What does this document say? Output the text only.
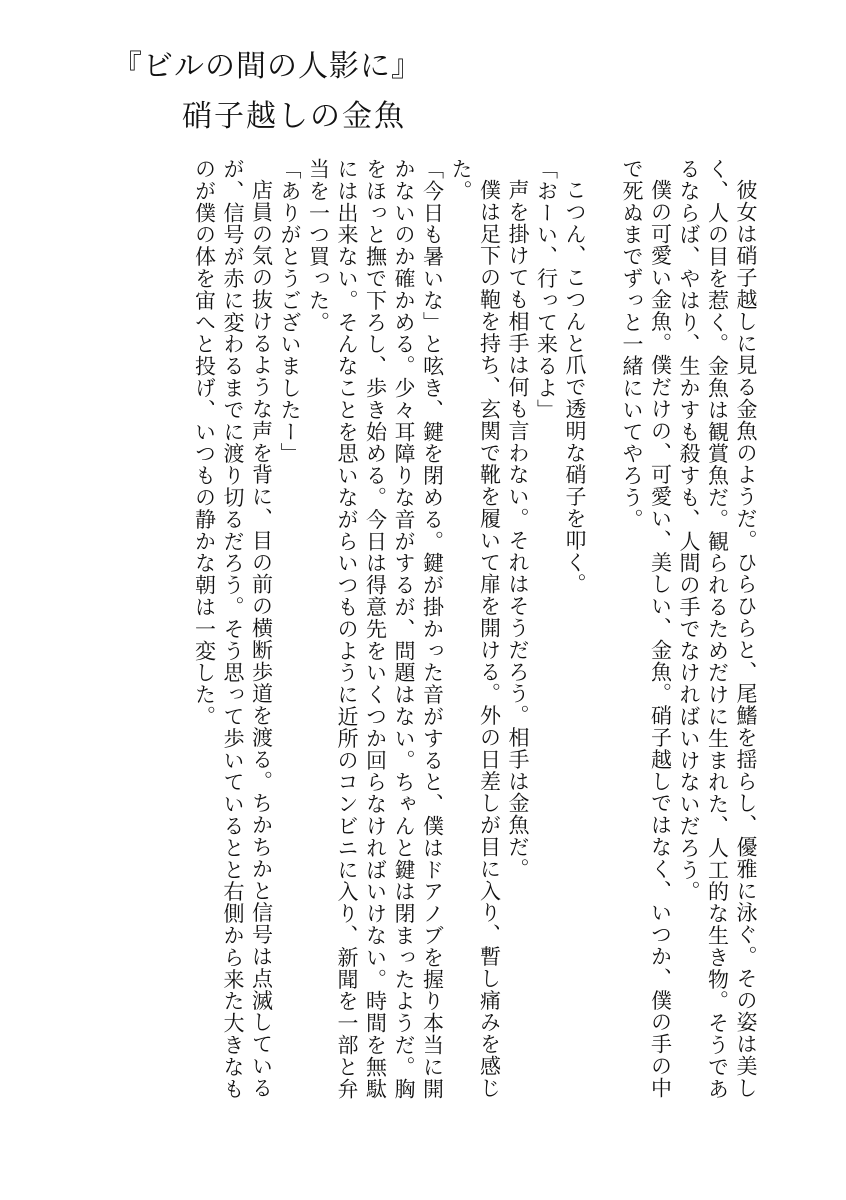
『ビルの間の人影に』
硝子越しの金魚

彼女は硝子越しに見る金魚のようだ。ひらひらと、尾鰭を揺らし、優雅に泳ぐ。その姿は美しく、人の目を惹く。金魚は観賞魚だ。観られるためだけに生まれた、人工的な生き物。そうであるならば、やはり、生かすも殺すも、人間の手でなければいけないだろう。

僕の可愛い金魚。僕だけの、可愛い、美しい、金魚。硝子越しではなく、いつか、僕の手の中で死ぬまでずっと一緒にいてやろう。

こつん、こつんと爪で透明な硝子を叩く。

「おーい、行って来るよ」

声を掛けても相手は何も言わない。それはそうだろう。相手は金魚だ。

僕は足下の鞄を持ち、玄関で靴を履いて扉を開ける。外の日差しが目に入り、暫し痛みを感じた。

「今日も暑いな」と呟き、鍵を閉める。鍵が掛かった音がすると、僕はドアノブを握り本当に開かないのか確かめる。少々耳障りな音がするが、問題はない。ちゃんと鍵は閉まったようだ。胸をほっと撫で下ろし、歩き始める。今日は得意先をいくつか回らなければいけない。時間を無駄には出来ない。そんなことを思いながらいつものように近所のコンビニに入り、新聞を一部と弁当を一つ買った。

「ありがとうございましたー」

店員の気の抜けるような声を背に、目の前の横断歩道を渡る。ちかちかと信号は点滅しているが、信号が赤に変わるまでに渡り切るだろう。そう思って歩いているとと右側から来た大きなものが僕の体を宙へと投げ、いつもの静かな朝は一変した。
